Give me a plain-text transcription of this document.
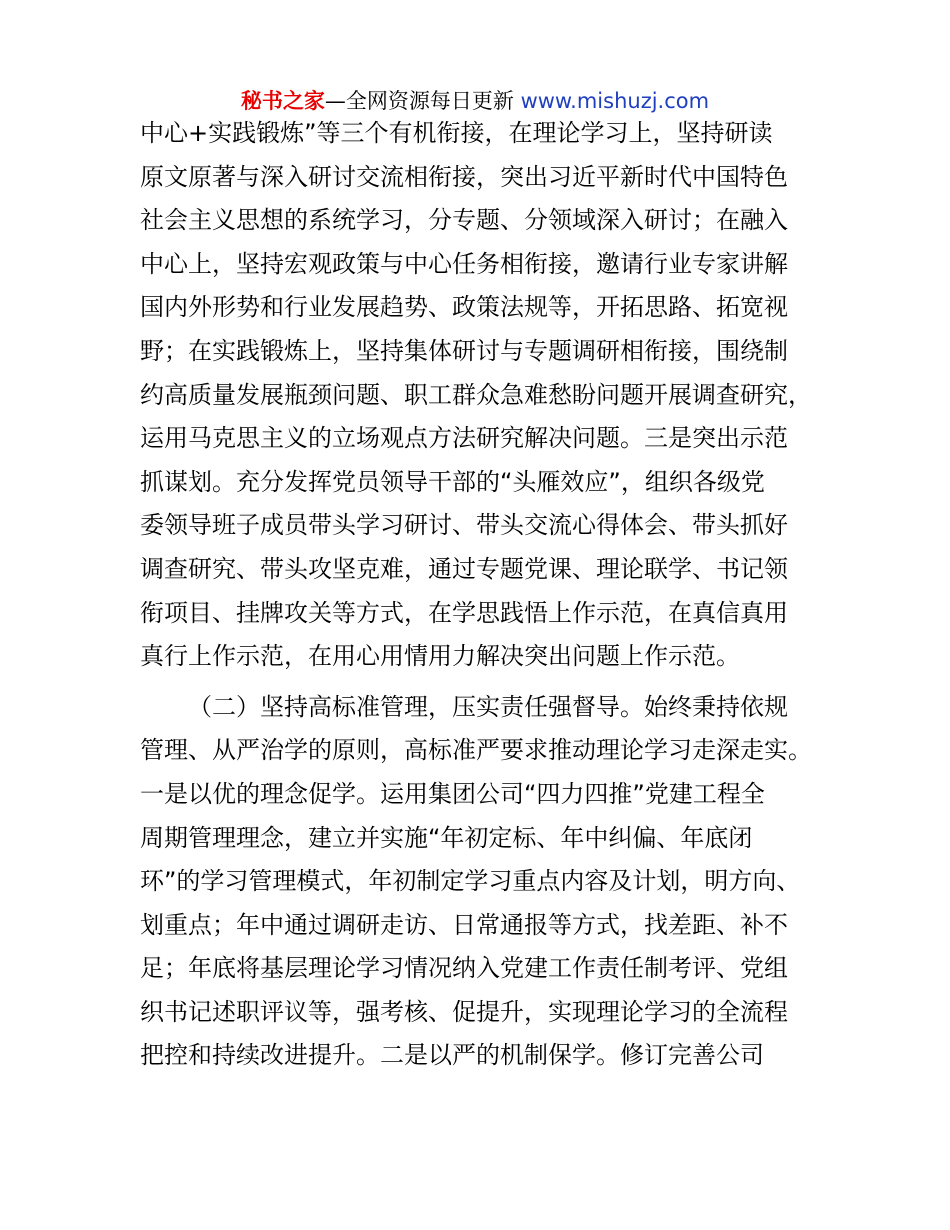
秘书之家—全网资源每日更新 www.mishuzj.com
中心+实践锻炼”等三个有机衔接，在理论学习上，坚持研读
原文原著与深入研讨交流相衔接，突出习近平新时代中国特色
社会主义思想的系统学习，分专题、分领域深入研讨；在融入
中心上，坚持宏观政策与中心任务相衔接，邀请行业专家讲解
国内外形势和行业发展趋势、政策法规等，开拓思路、拓宽视
野；在实践锻炼上，坚持集体研讨与专题调研相衔接，围绕制
约高质量发展瓶颈问题、职工群众急难愁盼问题开展调查研究，
运用马克思主义的立场观点方法研究解决问题。三是突出示范
抓谋划。充分发挥党员领导干部的“头雁效应”，组织各级党
委领导班子成员带头学习研讨、带头交流心得体会、带头抓好
调查研究、带头攻坚克难，通过专题党课、理论联学、书记领
衔项目、挂牌攻关等方式，在学思践悟上作示范，在真信真用
真行上作示范，在用心用情用力解决突出问题上作示范。
（二）坚持高标准管理，压实责任强督导。始终秉持依规
管理、从严治学的原则，高标准严要求推动理论学习走深走实。
一是以优的理念促学。运用集团公司“四力四推”党建工程全
周期管理理念，建立并实施“年初定标、年中纠偏、年底闭
环”的学习管理模式，年初制定学习重点内容及计划，明方向、
划重点；年中通过调研走访、日常通报等方式，找差距、补不
足；年底将基层理论学习情况纳入党建工作责任制考评、党组
织书记述职评议等，强考核、促提升，实现理论学习的全流程
把控和持续改进提升。二是以严的机制保学。修订完善公司
